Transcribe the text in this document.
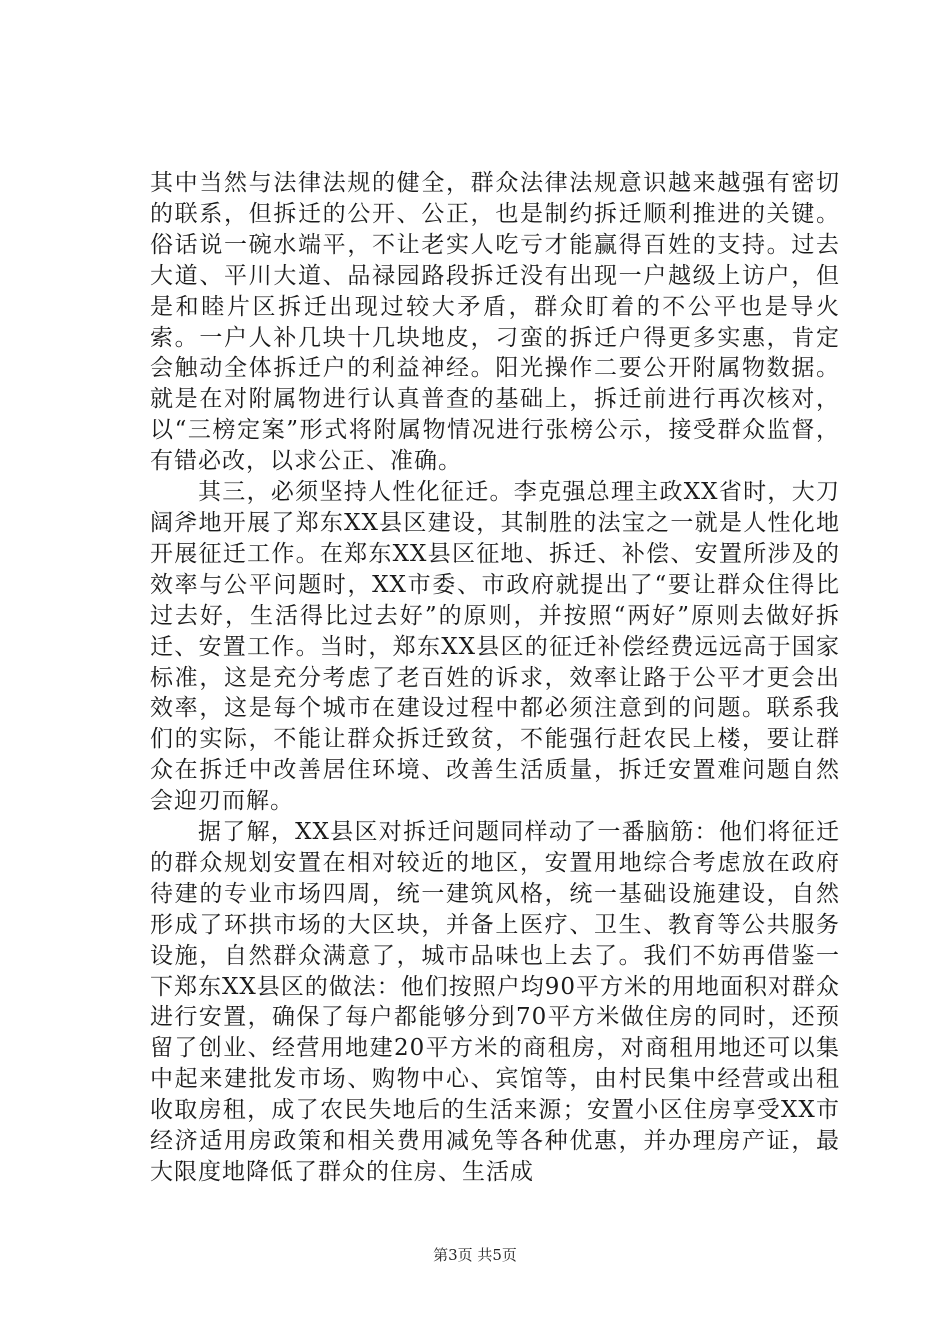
其中当然与法律法规的健全，群众法律法规意识越来越强有密切的联系，但拆迁的公开、公正，也是制约拆迁顺利推进的关键。俗话说一碗水端平，不让老实人吃亏才能赢得百姓的支持。过去大道、平川大道、品禄园路段拆迁没有出现一户越级上访户，但是和睦片区拆迁出现过较大矛盾，群众盯着的不公平也是导火索。一户人补几块十几块地皮，刁蛮的拆迁户得更多实惠，肯定会触动全体拆迁户的利益神经。阳光操作二要公开附属物数据。就是在对附属物进行认真普查的基础上，拆迁前进行再次核对，以“三榜定案”形式将附属物情况进行张榜公示，接受群众监督，有错必改，以求公正、准确。

其三，必须坚持人性化征迁。李克强总理主政XX省时，大刀阔斧地开展了郑东XX县区建设，其制胜的法宝之一就是人性化地开展征迁工作。在郑东XX县区征地、拆迁、补偿、安置所涉及的效率与公平问题时，XX市委、市政府就提出了“要让群众住得比过去好，生活得比过去好”的原则，并按照“两好”原则去做好拆迁、安置工作。当时，郑东XX县区的征迁补偿经费远远高于国家标准，这是充分考虑了老百姓的诉求，效率让路于公平才更会出效率，这是每个城市在建设过程中都必须注意到的问题。联系我们的实际，不能让群众拆迁致贫，不能强行赶农民上楼，要让群众在拆迁中改善居住环境、改善生活质量，拆迁安置难问题自然会迎刃而解。

据了解，XX县区对拆迁问题同样动了一番脑筋：他们将征迁的群众规划安置在相对较近的地区，安置用地综合考虑放在政府待建的专业市场四周，统一建筑风格，统一基础设施建设，自然形成了环拱市场的大区块，并备上医疗、卫生、教育等公共服务设施，自然群众满意了，城市品味也上去了。我们不妨再借鉴一下郑东XX县区的做法：他们按照户均90平方米的用地面积对群众进行安置，确保了每户都能够分到70平方米做住房的同时，还预留了创业、经营用地建20平方米的商租房，对商租用地还可以集中起来建批发市场、购物中心、宾馆等，由村民集中经营或出租收取房租，成了农民失地后的生活来源；安置小区住房享受XX市经济适用房政策和相关费用减免等各种优惠，并办理房产证，最大限度地降低了群众的住房、生活成

第3页 共5页
